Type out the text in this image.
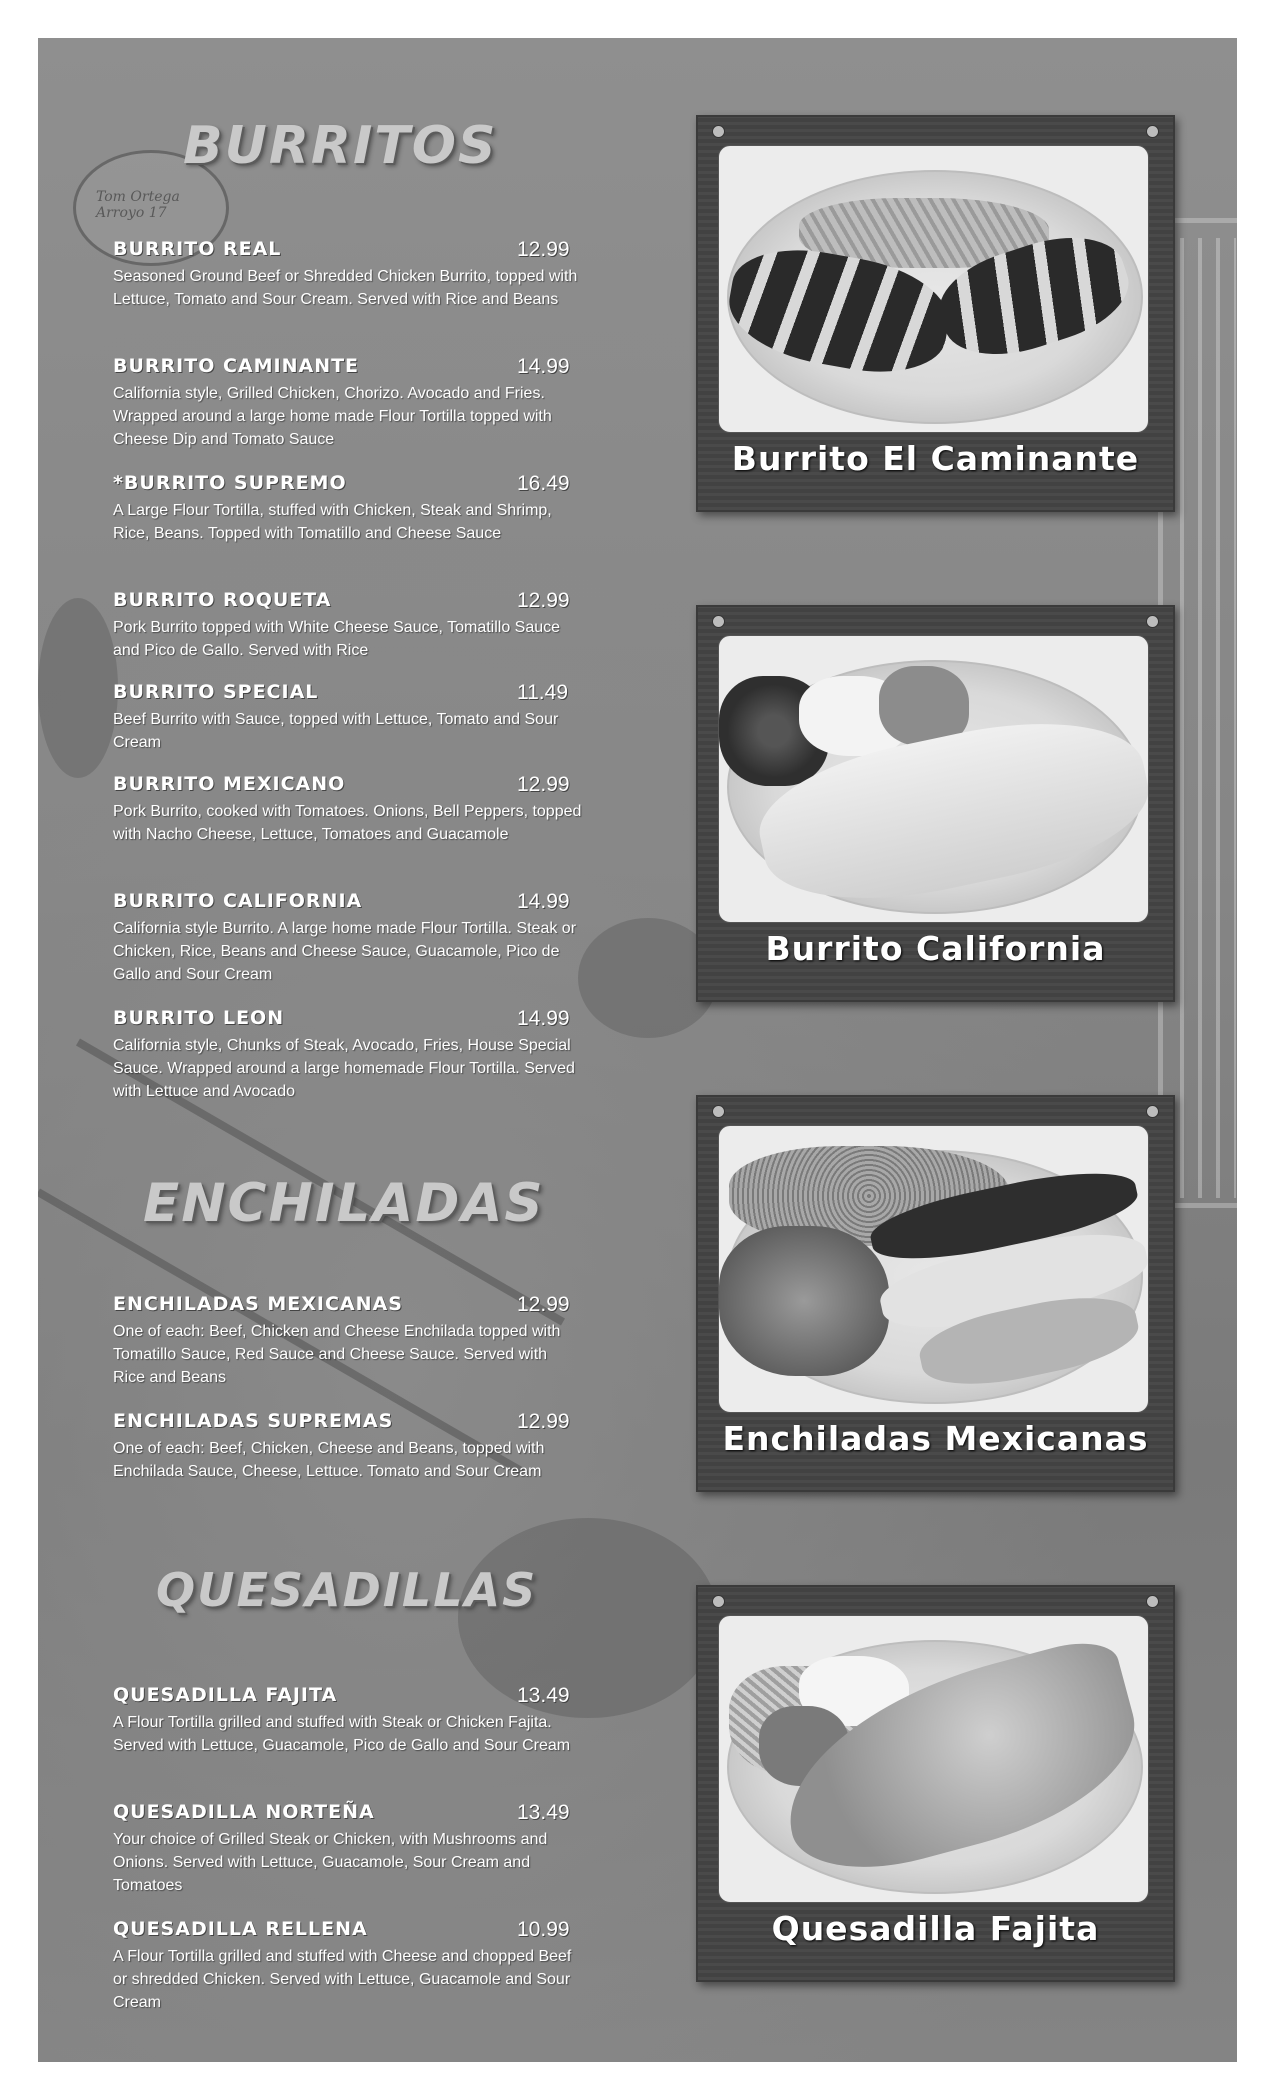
Tom Ortega Arroyo 17
BURRITOS
ENCHILADAS
QUESADILLAS
BURRITO REAL	12.99
Seasoned Ground Beef or Shredded Chicken Burrito, topped with Lettuce, Tomato and Sour Cream. Served with Rice and Beans
BURRITO CAMINANTE	14.99
California style, Grilled Chicken, Chorizo. Avocado and Fries. Wrapped around a large home made Flour Tortilla topped with Cheese Dip and Tomato Sauce
*BURRITO SUPREMO	16.49
A Large Flour Tortilla, stuffed with Chicken, Steak and Shrimp, Rice, Beans. Topped with Tomatillo and Cheese Sauce
BURRITO ROQUETA	12.99
Pork Burrito topped with White Cheese Sauce, Tomatillo Sauce and Pico de Gallo. Served with Rice
BURRITO SPECIAL	11.49
Beef Burrito with Sauce, topped with Lettuce, Tomato and Sour Cream
BURRITO MEXICANO	12.99
Pork Burrito, cooked with Tomatoes. Onions, Bell Peppers, topped with Nacho Cheese, Lettuce, Tomatoes and Guacamole
BURRITO CALIFORNIA	14.99
California style Burrito. A large home made Flour Tortilla. Steak or Chicken, Rice, Beans and Cheese Sauce, Guacamole, Pico de Gallo and Sour Cream
BURRITO LEON	14.99
California style, Chunks of Steak, Avocado, Fries, House Special Sauce. Wrapped around a large homemade Flour Tortilla. Served with Lettuce and Avocado
ENCHILADAS MEXICANAS	12.99
One of each: Beef, Chicken and Cheese Enchilada topped with Tomatillo Sauce, Red Sauce and Cheese Sauce. Served with Rice and Beans
ENCHILADAS SUPREMAS	12.99
One of each: Beef, Chicken, Cheese and Beans, topped with Enchilada Sauce, Cheese, Lettuce. Tomato and Sour Cream
QUESADILLA FAJITA	13.49
A Flour Tortilla grilled and stuffed with Steak or Chicken Fajita. Served with Lettuce, Guacamole, Pico de Gallo and Sour Cream
QUESADILLA NORTEÑA	13.49
Your choice of Grilled Steak or Chicken, with Mushrooms and Onions. Served with Lettuce, Guacamole, Sour Cream and Tomatoes
QUESADILLA RELLENA	10.99
A Flour Tortilla grilled and stuffed with Cheese and chopped Beef or shredded Chicken. Served with Lettuce, Guacamole and Sour Cream
Burrito El Caminante
Burrito California
Enchiladas Mexicanas
Quesadilla Fajita
